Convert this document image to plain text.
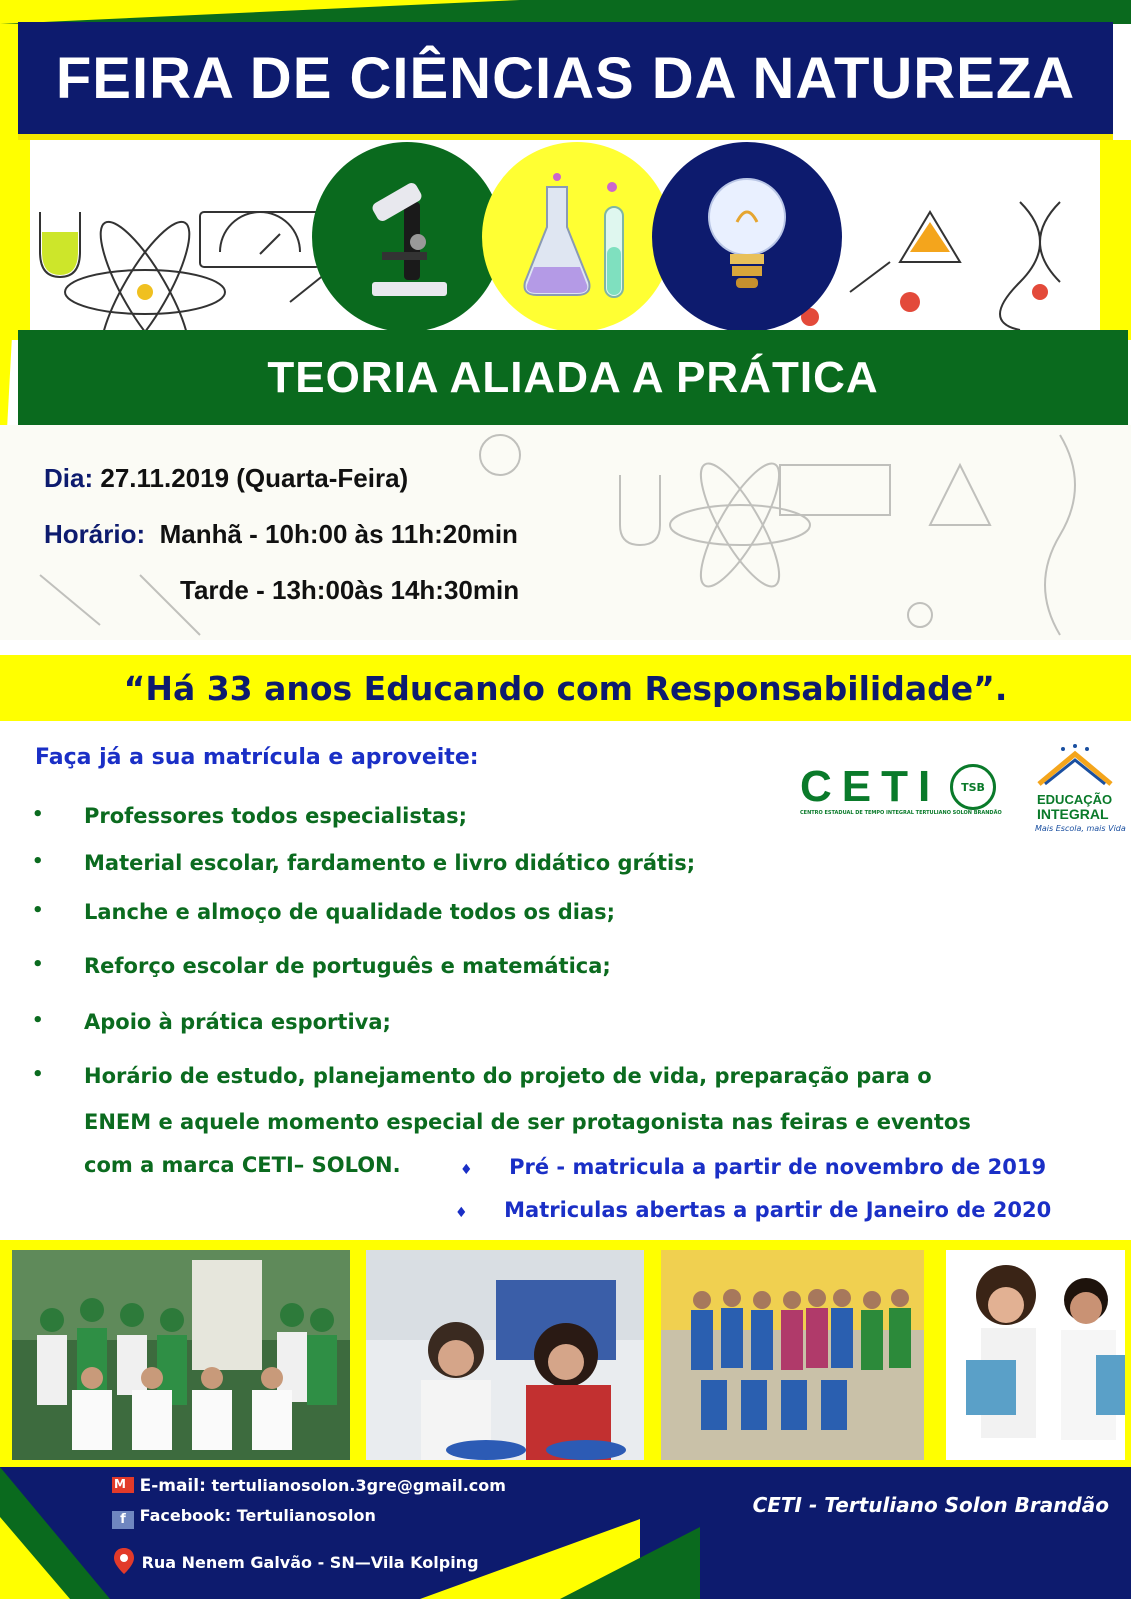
FEIRA DE CIÊNCIAS DA NATUREZA
TEORIA ALIADA A PRÁTICA
Dia: 27.11.2019 (Quarta-Feira)
Horário: Manhã - 10h:00 às 11h:20min
Tarde - 13h:00às 14h:30min
“Há 33 anos Educando com Responsabilidade”.
Faça já a sua matrícula e aproveite:
• Professores todos especialistas;
• Material escolar, fardamento e livro didático grátis;
• Lanche e almoço de qualidade todos os dias;
• Reforço escolar de português e matemática;
• Apoio à prática esportiva;
• Horário de estudo, planejamento do projeto de vida, preparação para o
ENEM e aquele momento especial de ser protagonista nas feiras e eventos
com a marca CETI– SOLON.	♦ Pré - matricula a partir de novembro de 2019
♦ Matriculas abertas a partir de Janeiro de 2020
CETI TSB
CENTRO ESTADUAL DE TEMPO INTEGRAL TERTULIANO SOLON BRANDÃO
EDUCAÇÃO
INTEGRAL
Mais Escola, mais Vida
M E-mail: tertulianosolon.3gre@gmail.com
f Facebook: Tertulianosolon
Rua Nenem Galvão - SN—Vila Kolping
CETI - Tertuliano Solon Brandão
